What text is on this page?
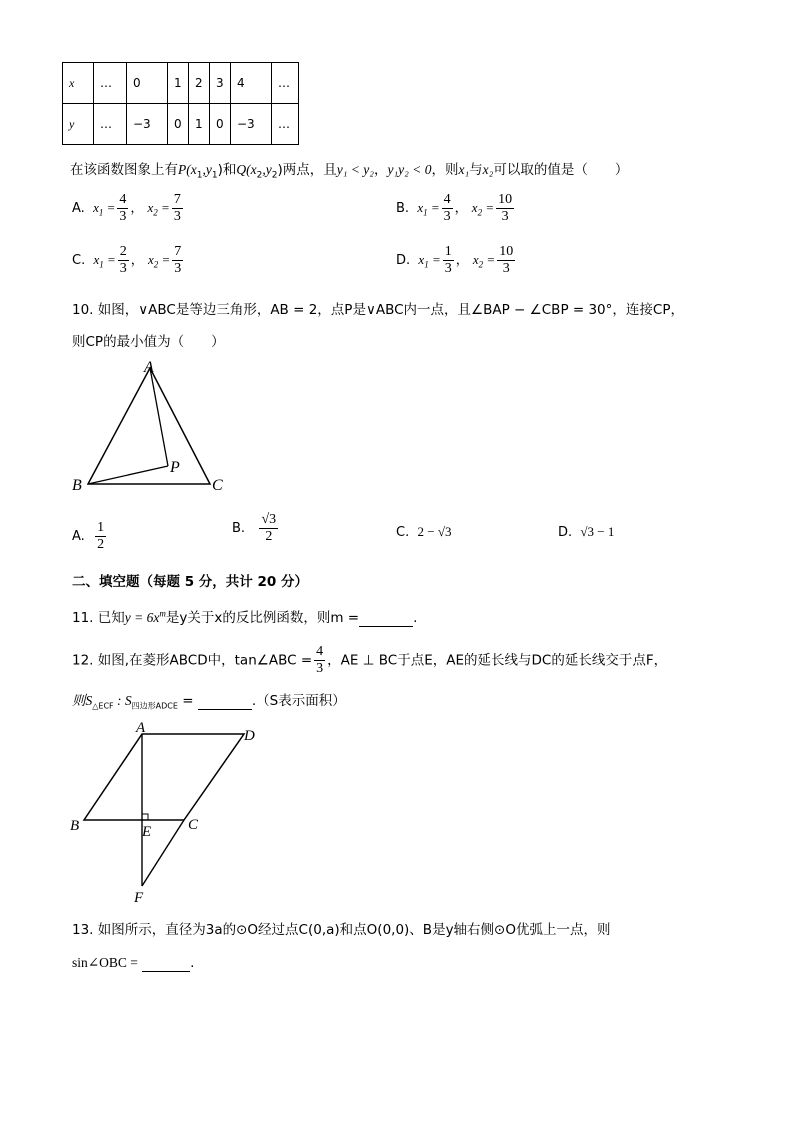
x	…	0	1	2	3	4	…
y	…	−3	0	1	0	−3	…
在该函数图象上有$P(x_1,y_1)$和$Q(x_2,y_2)$两点，且y₁ < y₂，y₁y₂ < 0，则x₁与x₂可以取的值是（　　）
A. $x_1 = \frac{4}{3}$ ， $x_2 = \frac{7}{3}$	B. $x_1 = \frac{4}{3}$ ， $x_2 = \frac{10}{3}$
C. $x_1 = \frac{2}{3}$ ， $x_2 = \frac{7}{3}$	D. $x_1 = \frac{1}{3}$ ， $x_2 = \frac{10}{3}$
10. 如图，∨ABC是等边三角形，AB = 2，点P是∨ABC内一点，且∠BAP − ∠CBP = 30°，连接CP，
则CP的最小值为（　　）
A
B	C
P
A. $\frac{1}{2}$	B. $\frac{√3}{2}$	C. 2 − √3	D. √3 − 1
二、填空题（每题 5 分，共计 20 分）
11. 已知$y = 6x^m$是y关于x的反比例函数，则m =	.
12. 如图,在菱形ABCD中，tan∠ABC = $\frac{4}{3}$ ，AE ⊥ BC于点E，AE的延长线与DC的延长线交于点F，
则$S_{\triangle ECF}$ : $S_{四边形ADCE}$ =	.（S表示面积）
A	D
B	C
E
F
13. 如图所示，直径为3a的⊙O经过点C(0,a)和点O(0,0)、B是y轴右侧⊙O优弧上一点，则
sin∠OBC =	.
